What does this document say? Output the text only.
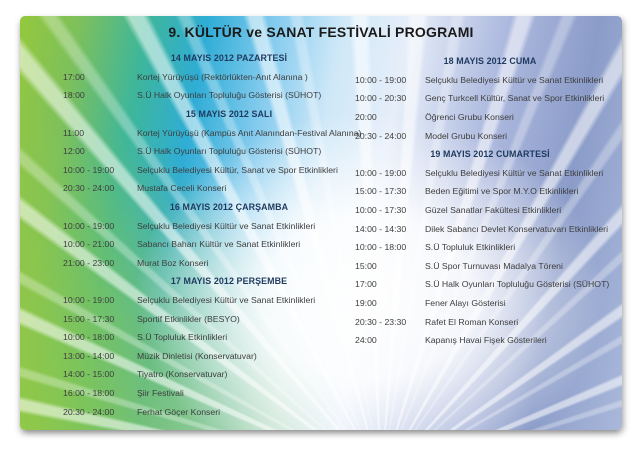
9. KÜLTÜR ve SANAT FESTİVALİ PROGRAMI
14 MAYIS 2012 PAZARTESİ
17:00	Kortej Yürüyüşü (Rektörlükten-Anıt Alanına )
18:00	S.Ü Halk Oyunları Topluluğu Gösterisi (SÜHOT)
15 MAYIS 2012 SALI
11:00	Kortej Yürüyüşü (Kampüs Anıt Alanından-Festival Alanına)
12:00	S.Ü Halk Oyunları Topluluğu Gösterisi (SÜHOT)
10:00 - 19:00	Selçuklu Belediyesi Kültür, Sanat ve Spor Etkinlikleri
20:30 - 24:00	Mustafa Ceceli Konseri
16 MAYIS 2012 ÇARŞAMBA
10:00 - 19:00	Selçuklu Belediyesi Kültür ve Sanat Etkinlikleri
10:00 - 21:00	Sabancı Baharı Kültür ve Sanat Etkinlikleri
21:00 - 23:00	Murat Boz Konseri
17 MAYIS 2012 PERŞEMBE
10:00 - 19:00	Selçuklu Belediyesi Kültür ve Sanat Etkinlikleri
15:00 - 17:30	Sportif Etkinlikler (BESYO)
10:00 - 18:00	S.Ü Topluluk Etkinlikleri
13:00 - 14:00	Müzik Dinletisi (Konservatuvar)
14:00 - 15:00	Tiyatro (Konservatuvar)
16:00 - 18:00	Şiir Festivali
20:30 - 24:00	Ferhat Göçer Konseri
18 MAYIS 2012 CUMA
10:00 - 19:00	Selçuklu Belediyesi Kültür ve Sanat Etkinlikleri
10:00 - 20:30	Genç Turkcell Kültür, Sanat ve Spor Etkinlikleri
20:00	Öğrenci Grubu Konseri
20:30 - 24:00	Model Grubu Konseri
19 MAYIS 2012 CUMARTESİ
10:00 - 19:00	Selçuklu Belediyesi Kültür ve Sanat Etkinlikleri
15:00 - 17:30	Beden Eğitimi ve Spor M.Y.O Etkinlikleri
10:00 - 17:30	Güzel Sanatlar Fakültesi Etkinlikleri
14:00 - 14:30	Dilek Sabancı Devlet Konservatuvarı Etkinlikleri
10:00 - 18:00	S.Ü Topluluk Etkinlikleri
15:00	S.Ü Spor Turnuvası Madalya Töreni
17:00	S.Ü Halk Oyunları Topluluğu Gösterisi (SÜHOT)
19:00	Fener Alayı Gösterisi
20:30 - 23:30	Rafet El Roman Konseri
24:00	Kapanış Havai Fişek Gösterileri
